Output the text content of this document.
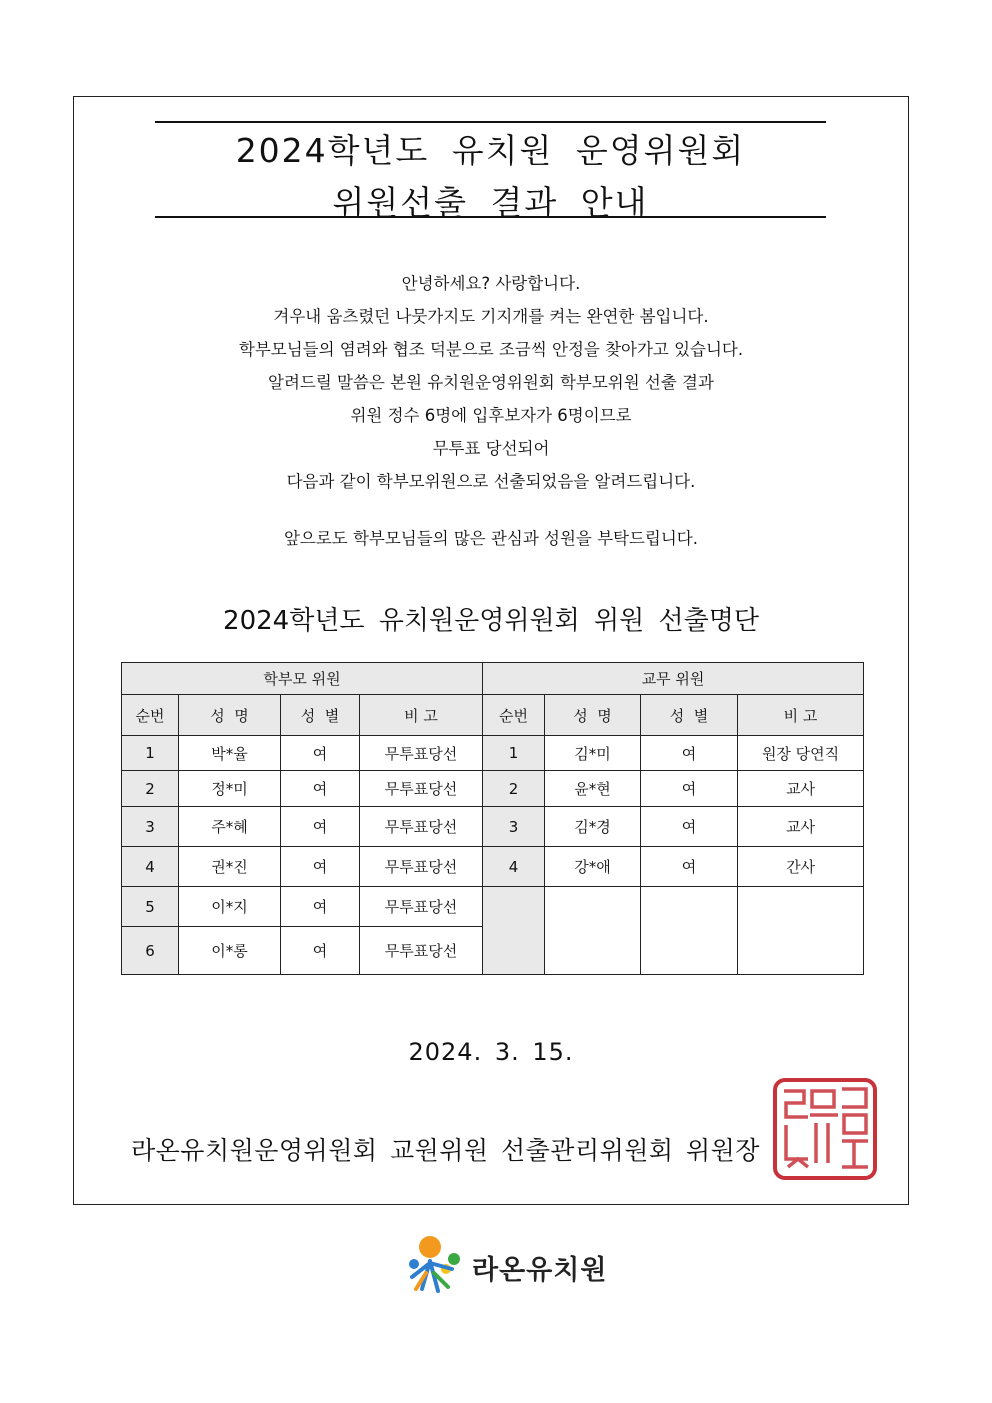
2024학년도 유치원 운영위원회
위원선출 결과 안내
안녕하세요? 사랑합니다.
겨우내 움츠렸던 나뭇가지도 기지개를 켜는 완연한 봄입니다.
학부모님들의 염려와 협조 덕분으로 조금씩 안정을 찾아가고 있습니다.
알려드릴 말씀은 본원 유치원운영위원회 학부모위원 선출 결과
위원 정수 6명에 입후보자가 6명이므로
무투표 당선되어
다음과 같이 학부모위원으로 선출되었음을 알려드립니다.
앞으로도 학부모님들의 많은 관심과 성원을 부탁드립니다.
2024학년도 유치원운영위원회 위원 선출명단
학부모 위원				교무 위원			
순번	성  명	성  별	비 고	순번	성  명	성  별	비 고
1	박*율	여	무투표당선	1	김*미	여	원장 당연직
2	정*미	여	무투표당선	2	윤*현	여	교사
3	주*혜	여	무투표당선	3	김*경	여	교사
4	권*진	여	무투표당선	4	강*애	여	간사
5	이*지	여	무투표당선				
6	이*롱	여	무투표당선				
2024. 3. 15.
라온유치원운영위원회 교원위원 선출관리위원회 위원장
라온유치원
